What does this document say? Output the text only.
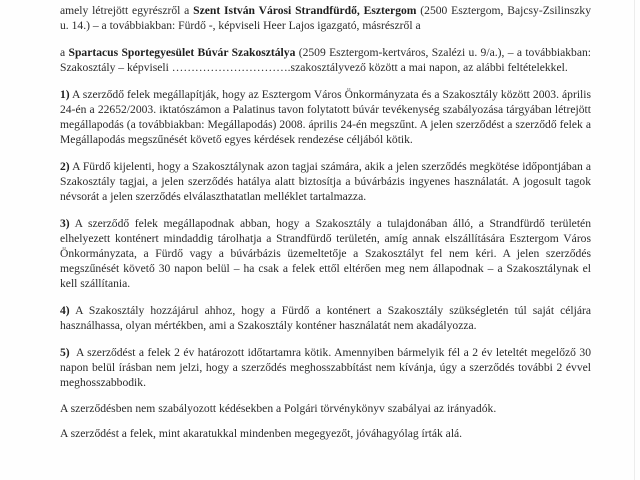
amely létrejött egyrészről a Szent István Városi Strandfürdő, Esztergom (2500 Esztergom, Bajcsy-Zsilinszky u. 14.) – a továbbiakban: Fürdő -, képviseli Heer Lajos igazgató, másrészről a

a Spartacus Sportegyesület Búvár Szakosztálya (2509 Esztergom-kertváros, Szalézi u. 9/a.), – a továbbiakban: Szakosztály – képviseli ………………………….szakosztályvező között a mai napon, az alábbi feltételekkel.

1) A szerződő felek megállapítják, hogy az Esztergom Város Önkormányzata és a Szakosztály között 2003. április 24-én a 22652/2003. iktatószámon a Palatinus tavon folytatott búvár tevékenység szabályozása tárgyában létrejött megállapodás (a továbbiakban: Megállapodás) 2008. április 24-én megszűnt. A jelen szerződést a szerződő felek a Megállapodás megszűnését követő egyes kérdések rendezése céljából kötik.

2) A Fürdő kijelenti, hogy a Szakosztálynak azon tagjai számára, akik a jelen szerződés megkötése időpontjában a Szakosztály tagjai, a jelen szerződés hatálya alatt biztosítja a búvárbázis ingyenes használatát. A jogosult tagok névsorát a jelen szerződés elválaszthatatlan melléklet tartalmazza.

3) A szerződő felek megállapodnak abban, hogy a Szakosztály a tulajdonában álló, a Strandfürdő területén elhelyezett konténert mindaddig tárolhatja a Strandfürdő területén, amíg annak elszállítására Esztergom Város Önkormányzata, a Fürdő vagy a búvárbázis üzemeltetője a Szakosztályt fel nem kéri. A jelen szerződés megszűnését követő 30 napon belül – ha csak a felek ettől eltérően meg nem állapodnak – a Szakosztálynak el kell szállítania.

4) A Szakosztály hozzájárul ahhoz, hogy a Fürdő a konténert a Szakosztály szükségletén túl saját céljára használhassa, olyan mértékben, ami a Szakosztály konténer használatát nem akadályozza.

5)  A szerződést a felek 2 év határozott időtartamra kötik. Amennyiben bármelyik fél a 2 év leteltét megelőző 30 napon belül írásban nem jelzi, hogy a szerződés meghosszabbítást nem kívánja, úgy a szerződés további 2 évvel meghosszabbodik.

A szerződésben nem szabályozott kédésekben a Polgári törvénykönyv szabályai az irányadók.

A szerződést a felek, mint akaratukkal mindenben megegyezőt, jóváhagyólag írták alá.
